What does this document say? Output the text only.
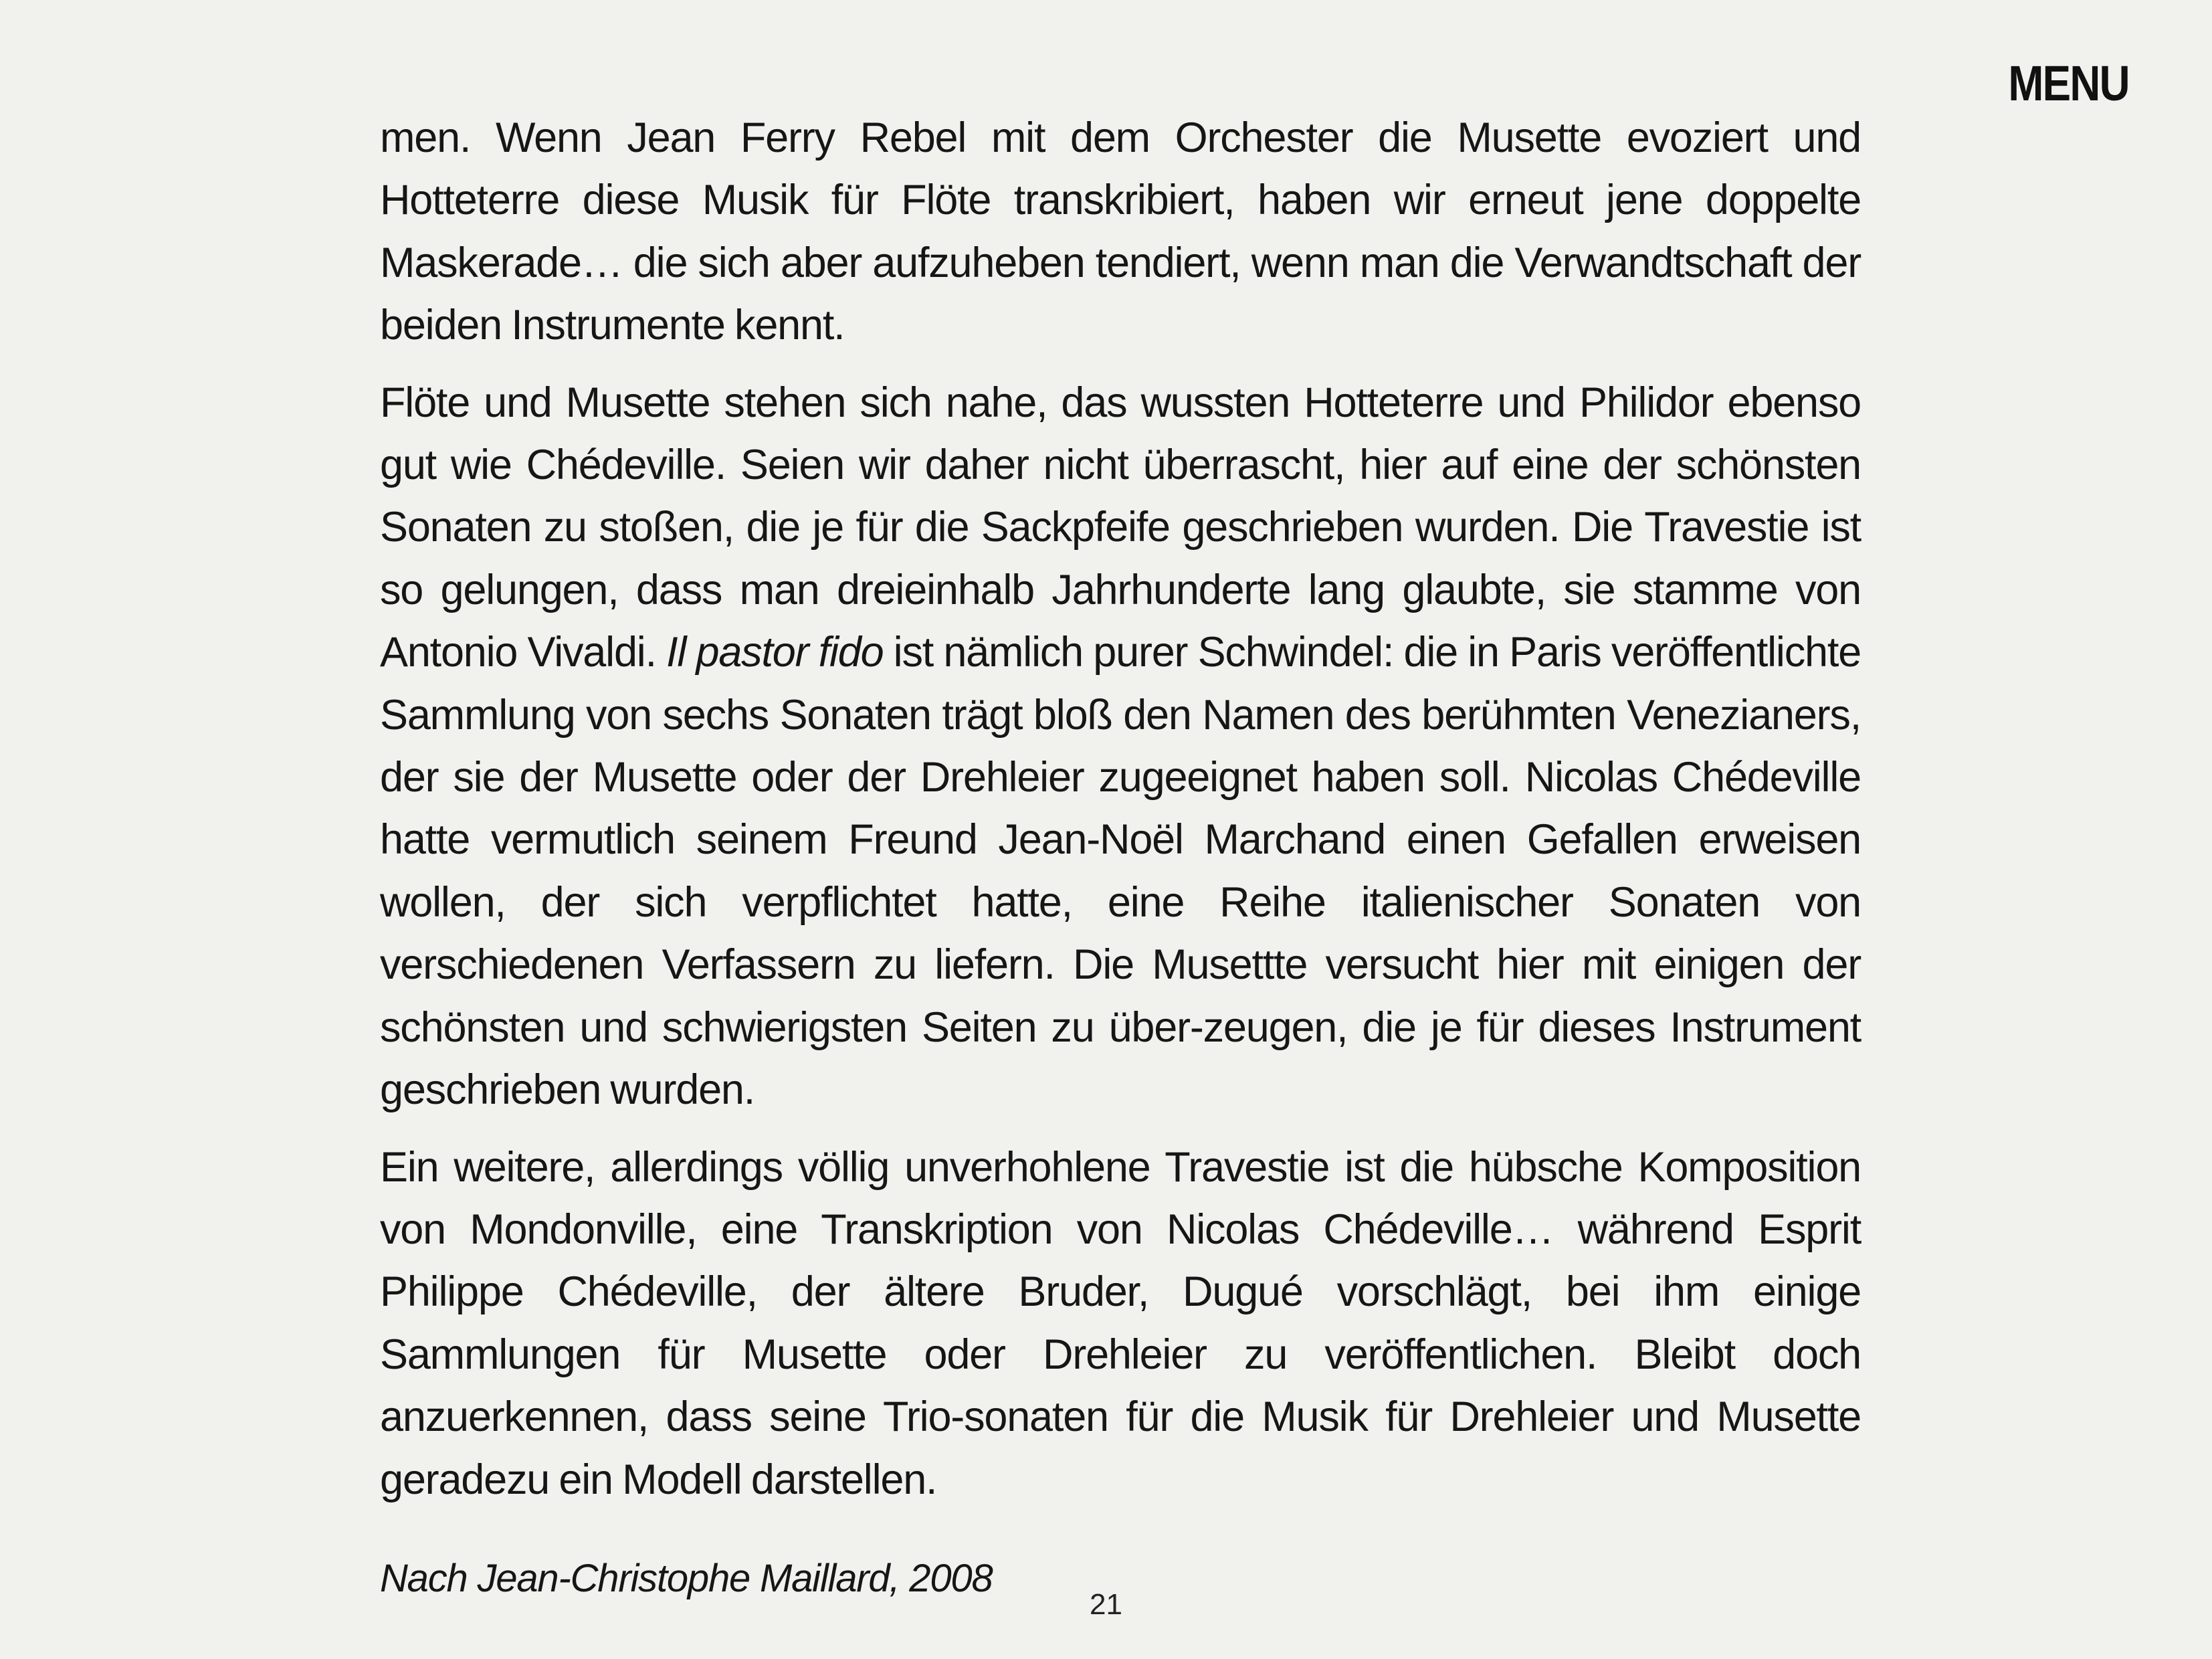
MENU

men. Wenn Jean Ferry Rebel mit dem Orchester die Musette evoziert und Hotteterre diese Musik für Flöte transkribiert, haben wir erneut jene doppelte Maskerade… die sich aber aufzuheben tendiert, wenn man die Verwandtschaft der beiden Instrumente kennt.

Flöte und Musette stehen sich nahe, das wussten Hotteterre und Philidor ebenso gut wie Chédeville. Seien wir daher nicht überrascht, hier auf eine der schönsten Sonaten zu stoßen, die je für die Sackpfeife geschrieben wurden. Die Travestie ist so gelungen, dass man dreieinhalb Jahrhunderte lang glaubte, sie stamme von Antonio Vivaldi. Il pastor fido ist nämlich purer Schwindel: die in Paris veröffentlichte Sammlung von sechs Sonaten trägt bloß den Namen des berühmten Venezianers, der sie der Musette oder der Drehleier zugeeignet haben soll. Nicolas Chédeville hatte vermutlich seinem Freund Jean-Noël Marchand einen Gefallen erweisen wollen, der sich verpflichtet hatte, eine Reihe italienischer Sonaten von verschiedenen Verfassern zu liefern. Die Musettte versucht hier mit einigen der schönsten und schwierigsten Seiten zu über-zeugen, die je für dieses Instrument geschrieben wurden.

Ein weitere, allerdings völlig unverhohlene Travestie ist die hübsche Komposition von Mondonville, eine Transkription von Nicolas Chédeville… während Esprit Philippe Chédeville, der ältere Bruder, Dugué vorschlägt, bei ihm einige Sammlungen für Musette oder Drehleier zu veröffentlichen. Bleibt doch anzuerkennen, dass seine Trio-sonaten für die Musik für Drehleier und Musette geradezu ein Modell darstellen.

Nach Jean-Christophe Maillard, 2008
21
